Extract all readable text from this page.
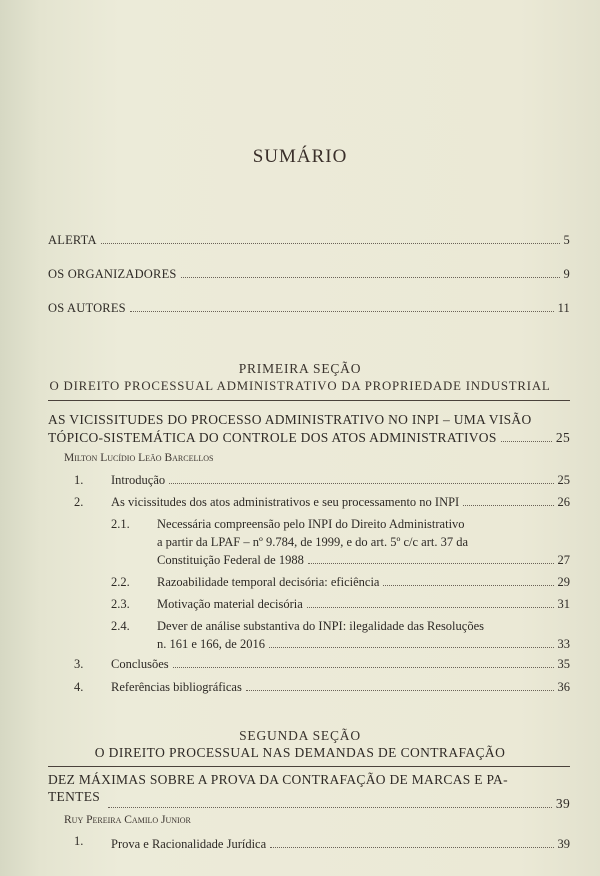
SUMÁRIO
ALERTA	5
OS ORGANIZADORES	9
OS AUTORES	11
PRIMEIRA SEÇÃO
O DIREITO PROCESSUAL ADMINISTRATIVO DA PROPRIEDADE INDUSTRIAL
AS VICISSITUDES DO PROCESSO ADMINISTRATIVO NO INPI – UMA VISÃO
TÓPICO-SISTEMÁTICA DO CONTROLE DOS ATOS ADMINISTRATIVOS	25
Milton Lucídio Leão Barcellos
1. Introdução	25
2. As vicissitudes dos atos administrativos e seu processamento no INPI	26
2.1. Necessária compreensão pelo INPI do Direito Administrativo
a partir da LPAF – nº 9.784, de 1999, e do art. 5º c/c art. 37 da
Constituição Federal de 1988	27
2.2. Razoabilidade temporal decisória: eficiência	29
2.3. Motivação material decisória	31
2.4. Dever de análise substantiva do INPI: ilegalidade das Resoluções
n. 161 e 166, de 2016	33
3. Conclusões	35
4. Referências bibliográficas	36
SEGUNDA SEÇÃO
O DIREITO PROCESSUAL NAS DEMANDAS DE CONTRAFAÇÃO
DEZ MÁXIMAS SOBRE A PROVA DA CONTRAFAÇÃO DE MARCAS E PA-
TENTES	39
Ruy Pereira Camilo Junior
1. Prova e Racionalidade Jurídica	39
